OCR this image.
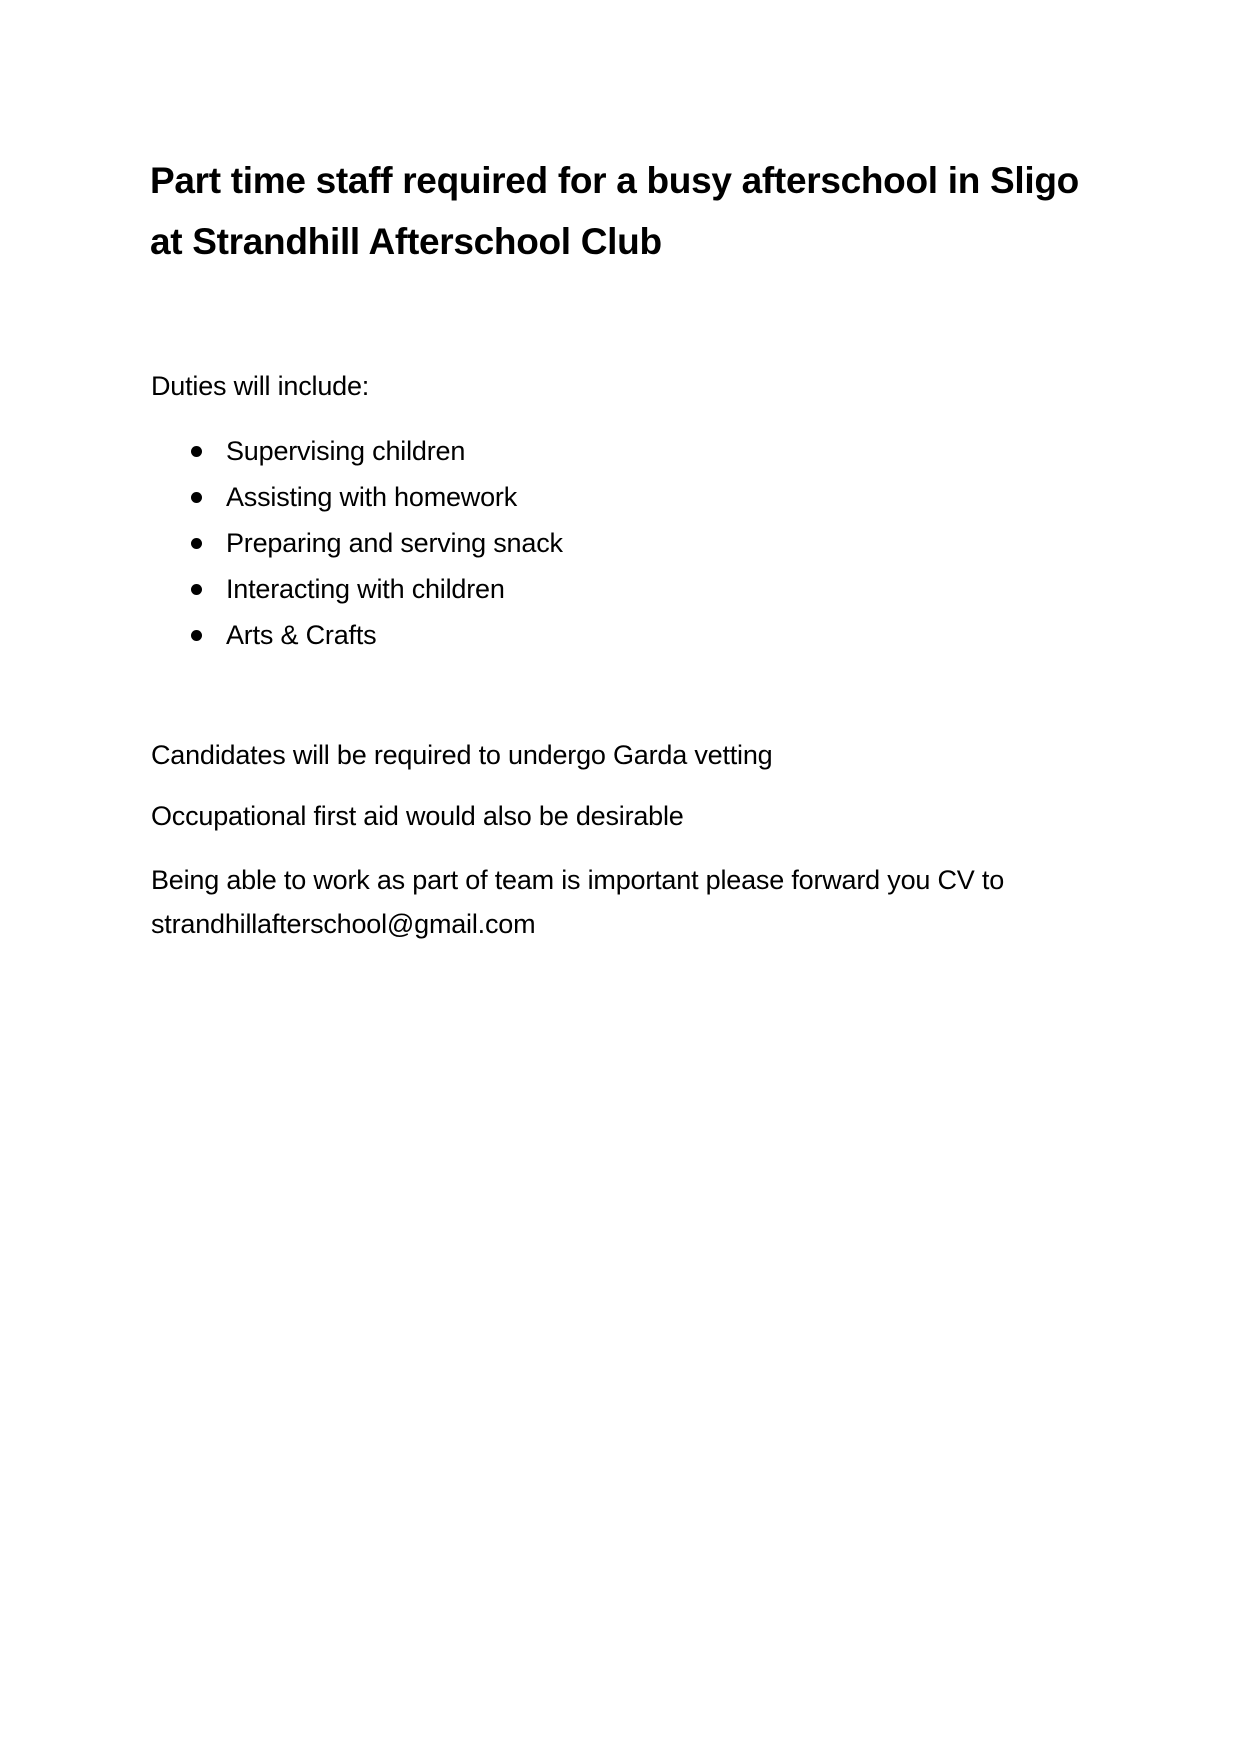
Part time staff required for a busy afterschool in Sligo at Strandhill Afterschool Club

Duties will include:

Supervising children
Assisting with homework
Preparing and serving snack
Interacting with children
Arts & Crafts

Candidates will be required to undergo Garda vetting

Occupational first aid would also be desirable

Being able to work as part of team is important please forward you CV to strandhillafterschool@gmail.com
